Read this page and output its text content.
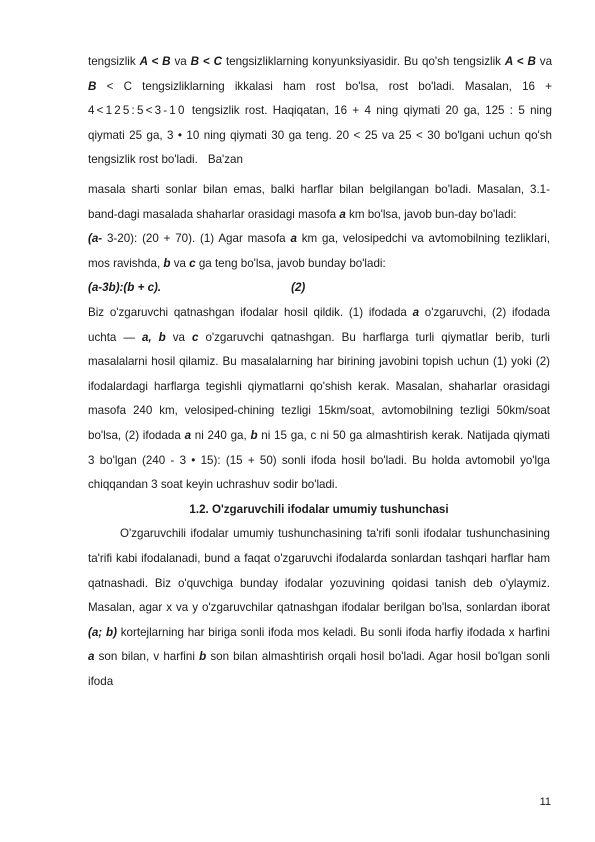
tengsizlik A < B va B < C tengsizliklarning konyunksiyasidir. Bu qo'sh tengsizlik A < B va B < C tengsizliklarning ikkalasi ham rost bo'lsa, rost bo'ladi. Masalan, 16 + 4<125:5<3-10 tengsizlik rost. Haqiqatan, 16 + 4 ning qiymati 20 ga, 125 : 5 ning qiymati 25 ga, 3 • 10 ning qiymati 30 ga teng. 20 < 25 va 25 < 30 bo'lgani uchun qo'sh tengsizlik rost bo'ladi. Ba'zan

masala sharti sonlar bilan emas, balki harflar bilan belgilangan bo'ladi. Masalan, 3.1-band-dagi masalada shaharlar orasidagi masofa a km bo'lsa, javob bun-day bo'ladi:

(a- 3-20): (20 + 70). (1) Agar masofa a km ga, velosipedchi va avtomobilning tezliklari, mos ravishda, b va c ga teng bo'lsa, javob bunday bo'ladi:

(a-3b):(b + c).	(2)

Biz o'zgaruvchi qatnashgan ifodalar hosil qildik. (1) ifodada a o'zgaruvchi, (2) ifodada uchta — a, b va c o'zgaruvchi qatnashgan. Bu harflarga turli qiymatlar berib, turli masalalarni hosil qilamiz. Bu masalalarning har birining javobini topish uchun (1) yoki (2) ifodalardagi harflarga tegishli qiymatlarni qo'shish kerak. Masalan, shaharlar orasidagi masofa 240 km, velosiped-chining tezligi 15km/soat, avtomobilning tezligi 50km/soat bo'lsa, (2) ifodada a ni 240 ga, b ni 15 ga, c ni 50 ga almashtirish kerak. Natijada qiymati 3 bo'lgan (240 - 3 • 15): (15 + 50) sonli ifoda hosil bo'ladi. Bu holda avtomobil yo'lga chiqqandan 3 soat keyin uchrashuv sodir bo'ladi.

1.2. O'zgaruvchili ifodalar umumiy tushunchasi

O'zgaruvchili ifodalar umumiy tushunchasining ta'rifi sonli ifodalar tushunchasining ta'rifi kabi ifodalanadi, bund a faqat o'zgaruvchi ifodalarda sonlardan tashqari harflar ham qatnashadi. Biz o'quvchiga bunday ifodalar yozuvining qoidasi tanish deb o'ylaymiz. Masalan, agar x va y o'zgaruvchilar qatnashgan ifodalar berilgan bo'lsa, sonlardan iborat (a; b) kortejlarning har biriga sonli ifoda mos keladi. Bu sonli ifoda harfiy ifodada x harfini a son bilan, v harfini b son bilan almashtirish orqali hosil bo'ladi. Agar hosil bo'lgan sonli ifoda

11
